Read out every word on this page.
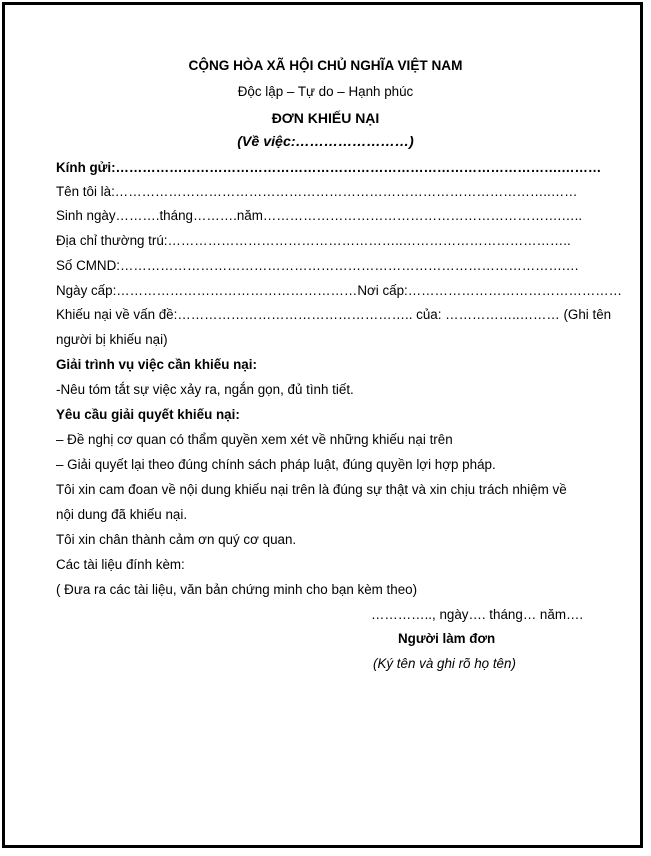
CỘNG HÒA XÃ HỘI CHỦ NGHĨA VIỆT NAM
Độc lập – Tự do – Hạnh phúc
ĐƠN KHIẾU NẠI
(Về việc:……………………)
Kính gửi:……………………………………………………………………………………….………
Tên tôi là:……………………………………………………………………………………..……
Sinh ngày……….tháng……….năm………………………………………………………….…..
Địa chỉ thường trú:……………………………………………..………………………………..
Số CMND:……………………………………………………………………………………….…
Ngày cấp:………………………………………………Nơi cấp:…………………………………………
Khiếu nại về vấn đề:…………………………………………….. của: ……………..……… (Ghi tên
người bị khiếu nại)
Giải trình vụ việc cần khiếu nại:
-Nêu tóm tắt sự việc xảy ra, ngắn gọn, đủ tình tiết.
Yêu cầu giải quyết khiếu nại:
– Đề nghị cơ quan có thẩm quyền xem xét về những khiếu nại trên
– Giải quyết lại theo đúng chính sách pháp luật, đúng quyền lợi hợp pháp.
Tôi xin cam đoan về nội dung khiếu nại trên là đúng sự thật và xin chịu trách nhiệm về
nội dung đã khiếu nại.
Tôi xin chân thành cảm ơn quý cơ quan.
Các tài liệu đính kèm:
( Đưa ra các tài liệu, văn bản chứng minh cho bạn kèm theo)
………….., ngày…. tháng… năm….
Người làm đơn
(Ký tên và ghi rõ họ tên)
